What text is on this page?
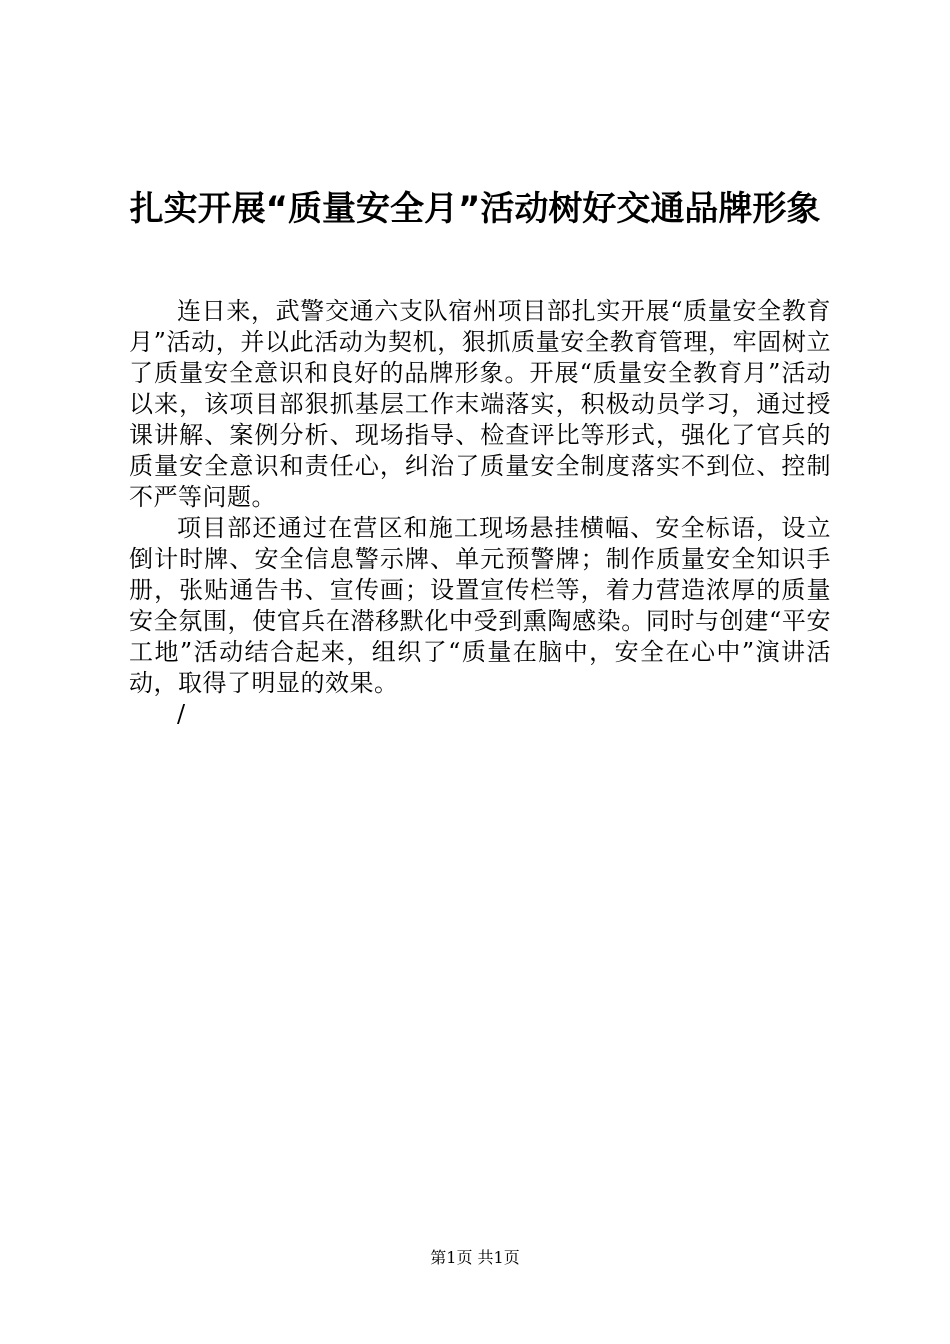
扎实开展“质量安全月”活动树好交通品牌形象

连日来，武警交通六支队宿州项目部扎实开展“质量安全教育月”活动，并以此活动为契机，狠抓质量安全教育管理，牢固树立了质量安全意识和良好的品牌形象。开展“质量安全教育月”活动以来，该项目部狠抓基层工作末端落实，积极动员学习，通过授课讲解、案例分析、现场指导、检查评比等形式，强化了官兵的质量安全意识和责任心，纠治了质量安全制度落实不到位、控制不严等问题。

项目部还通过在营区和施工现场悬挂横幅、安全标语，设立倒计时牌、安全信息警示牌、单元预警牌；制作质量安全知识手册，张贴通告书、宣传画；设置宣传栏等，着力营造浓厚的质量安全氛围，使官兵在潜移默化中受到熏陶感染。同时与创建“平安工地”活动结合起来，组织了“质量在脑中，安全在心中”演讲活动，取得了明显的效果。

/
第1页 共1页
